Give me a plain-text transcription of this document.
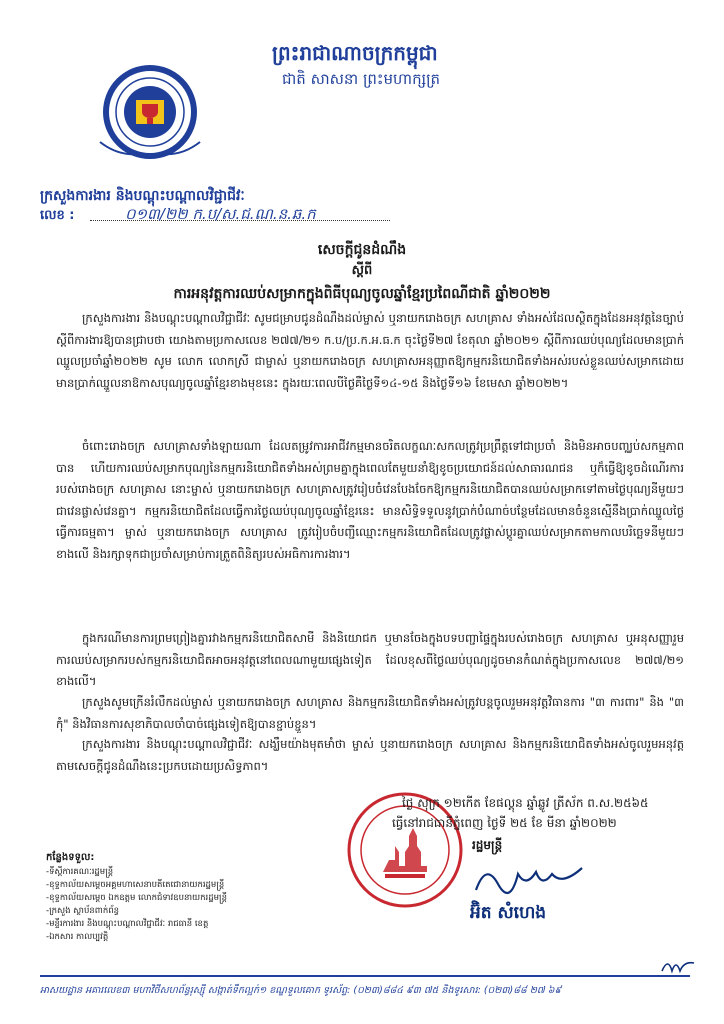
ព្រះរាជាណាចក្រកម្ពុជា
ជាតិ សាសនា ព្រះមហាក្សត្រ
ក្រសួងការងារ និងបណ្តុះបណ្តាលវិជ្ជាជីវៈ
លេខ :	០១៣/២២ ក.ប/ស.ជ.ណ.ន.ឆ.ក
សេចក្តីជូនដំណឹង
ស្តីពី
ការអនុវត្តការឈប់សម្រាកក្នុងពិធីបុណ្យចូលឆ្នាំខ្មែរប្រពៃណីជាតិ ឆ្នាំ២០២២
ក្រសួងការងារ និងបណ្តុះបណ្តាលវិជ្ជាជីវៈ សូមជម្រាបជូនដំណឹងដល់ម្ចាស់ ឬនាយករោងចក្រ សហគ្រាស ទាំងអស់ដែលស្ថិតក្នុងដែនអនុវត្តនៃច្បាប់ស្តីពីការងារឱ្យបានជ្រាបថា យោងតាមប្រកាសលេខ ២៧៧/២១ ក.ប/ប្រ.ក.អ.ធ.ក ចុះថ្ងៃទី២៧ ខែតុលា ឆ្នាំ២០២១ ស្តីពីការឈប់បុណ្យដែលមានប្រាក់ឈ្នួលប្រចាំឆ្នាំ២០២២ សូម លោក លោកស្រី ជាម្ចាស់ ឬនាយករោងចក្រ សហគ្រាសអនុញ្ញាតឱ្យកម្មករនិយោជិតទាំងអស់របស់ខ្លួនឈប់សម្រាកដោយមានប្រាក់ឈ្នួលនាឱកាសបុណ្យចូលឆ្នាំខ្មែរខាងមុខនេះ ក្នុងរយៈពេលបីថ្ងៃគឺថ្ងៃទី១៤-១៥ និងថ្ងៃទី១៦ ខែមេសា ឆ្នាំ២០២២។
ចំពោះរោងចក្រ សហគ្រាសទាំងឡាយណា ដែលតម្រូវការអាជីវកម្មមានចរិតលក្ខណៈសកលត្រូវប្រព្រឹត្តទៅជាប្រចាំ និងមិនអាចបញ្ឈប់សកម្មភាពបាន ហើយការឈប់សម្រាកបុណ្យនៃកម្មករនិយោជិតទាំងអស់ព្រមគ្នាក្នុងពេលតែមួយនាំឱ្យខូចប្រយោជន៍ដល់សាធារណជន ឬក៏ធ្វើឱ្យខូចដំណើរការរបស់រោងចក្រ សហគ្រាស នោះម្ចាស់ ឬនាយករោងចក្រ សហគ្រាសត្រូវរៀបចំវេនបែងចែកឱ្យកម្មករនិយោជិតបានឈប់សម្រាកទៅតាមថ្ងៃបុណ្យនីមួយៗជាវេនផ្លាស់វេនគ្នា។ កម្មករនិយោជិតដែលធ្វើការថ្ងៃឈប់បុណ្យចូលឆ្នាំខ្មែរនេះ មានសិទ្ធិទទួលនូវប្រាក់បំណាច់បន្ថែមដែលមានចំនួនស្មើនឹងប្រាក់ឈ្នួលថ្ងៃធ្វើការធម្មតា។ ម្ចាស់ ឬនាយករោងចក្រ សហគ្រាស ត្រូវរៀបចំបញ្ជីឈ្មោះកម្មករនិយោជិតដែលត្រូវផ្លាស់ប្តូរគ្នាឈប់សម្រាកតាមកាលបរិច្ឆេទនីមួយៗខាងលើ និងរក្សាទុកជាប្រចាំសម្រាប់ការត្រួតពិនិត្យរបស់អធិការការងារ។
ក្នុងករណីមានការព្រមព្រៀងគ្នារវាងកម្មករនិយោជិតសាមី និងនិយោជក ឬមានចែងក្នុងបទបញ្ជាផ្ទៃក្នុងរបស់រោងចក្រ សហគ្រាស ឬអនុសញ្ញារួម ការឈប់សម្រាករបស់កម្មករនិយោជិតអាចអនុវត្តនៅពេលណាមួយផ្សេងទៀត ដែលខុសពីថ្ងៃឈប់បុណ្យដូចមានកំណត់ក្នុងប្រកាសលេខ ២៧៧/២១ ខាងលើ។
ក្រសួងសូមក្រើនរំលឹកដល់ម្ចាស់ ឬនាយករោងចក្រ សហគ្រាស និងកម្មករនិយោជិតទាំងអស់ត្រូវបន្តចូលរួមអនុវត្តវិធានការ "៣ ការពារ" និង "៣ កុំ" និងវិធានការសុខាភិបាលចាំបាច់ផ្សេងទៀតឱ្យបានខ្ជាប់ខ្ជួន។
ក្រសួងការងារ និងបណ្តុះបណ្តាលវិជ្ជាជីវៈ សង្ឃឹមយ៉ាងមុតមាំថា ម្ចាស់ ឬនាយករោងចក្រ សហគ្រាស និងកម្មករនិយោជិតទាំងអស់ចូលរួមអនុវត្តតាមសេចក្តីជូនដំណឹងនេះប្រកបដោយប្រសិទ្ធភាព។
ថ្ងៃ សុក្រ ១២កើត ខែផល្គុន ឆ្នាំឆ្លូវ ត្រីស័ក ព.ស.២៥៦៥
ធ្វើនៅរាជធានីភ្នំពេញ ថ្ងៃទី ២៥ ខែ មីនា ឆ្នាំ២០២២
រដ្ឋមន្ត្រី
អ៊ិត សំហេង
កន្លែងទទួល:
-ទីស្តីការគណៈរដ្ឋមន្ត្រី
-ខុទ្ទកាល័យសម្តេចអគ្គមហាសេនាបតីតេជោនាយករដ្ឋមន្ត្រី
-ខុទ្ទកាល័យសម្តេច ឯកឧត្តម លោកជំទាវឧបនាយករដ្ឋមន្ត្រី
-ក្រសួង ស្ថាប័នពាក់ព័ន្ធ
-មន្ទីរការងារ និងបណ្តុះបណ្តាលវិជ្ជាជីវៈ រាជធានី ខេត្ត
-ឯកសារ កាលប្បវត្តិ
អាសយដ្ឋាន អគារលេខ៣ មហាវិថីសហព័ន្ធរុស្ស៊ី សង្កាត់ទឹកល្អក់១ ខណ្ឌទួលគោក ទូរស័ព្ទ: (០២៣)៨៨៤ ៩៣ ៧៥ និងទូរសារ: (០២៣)៨៨ ២៧ ៦៩
